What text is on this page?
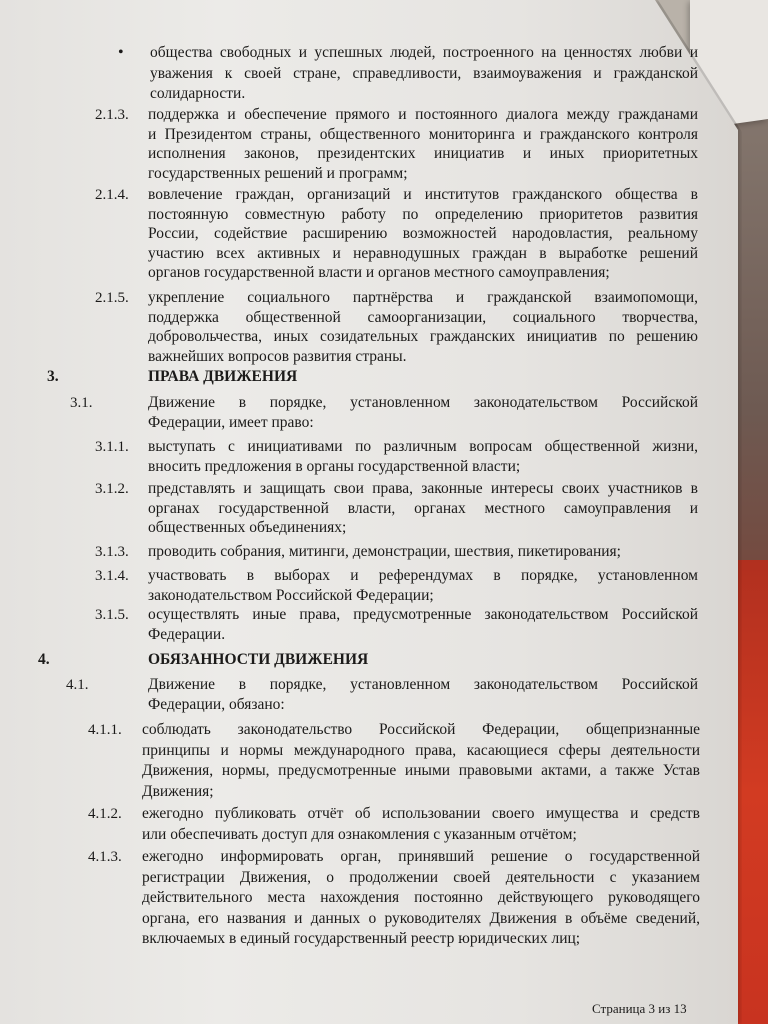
• общества свободных и успешных людей, построенного на ценностях любви и
уважения к своей стране, справедливости, взаимоуважения и гражданской
солидарности.
2.1.3. поддержка и обеспечение прямого и постоянного диалога между гражданами
и Президентом страны, общественного мониторинга и гражданского контроля
исполнения законов, президентских инициатив и иных приоритетных
государственных решений и программ;
2.1.4. вовлечение граждан, организаций и институтов гражданского общества в
постоянную совместную работу по определению приоритетов развития
России, содействие расширению возможностей народовластия, реальному
участию всех активных и неравнодушных граждан в выработке решений
органов государственной власти и органов местного самоуправления;
2.1.5. укрепление социального партнёрства и гражданской взаимопомощи,
поддержка общественной самоорганизации, социального творчества,
добровольчества, иных созидательных гражданских инициатив по решению
важнейших вопросов развития страны.
3.	ПРАВА ДВИЖЕНИЯ
3.1.	Движение в порядке, установленном законодательством Российской
Федерации, имеет право:
3.1.1. выступать с инициативами по различным вопросам общественной жизни,
вносить предложения в органы государственной власти;
3.1.2. представлять и защищать свои права, законные интересы своих участников в
органах государственной власти, органах местного самоуправления и
общественных объединениях;
3.1.3. проводить собрания, митинги, демонстрации, шествия, пикетирования;
3.1.4. участвовать в выборах и референдумах в порядке, установленном
законодательством Российской Федерации;
3.1.5. осуществлять иные права, предусмотренные законодательством Российской
Федерации.
4.	ОБЯЗАННОСТИ ДВИЖЕНИЯ
4.1.	Движение в порядке, установленном законодательством Российской
Федерации, обязано:
4.1.1. соблюдать законодательство Российской Федерации, общепризнанные
принципы и нормы международного права, касающиеся сферы деятельности
Движения, нормы, предусмотренные иными правовыми актами, а также Устав
Движения;
4.1.2. ежегодно публиковать отчёт об использовании своего имущества и средств
или обеспечивать доступ для ознакомления с указанным отчётом;
4.1.3. ежегодно информировать орган, принявший решение о государственной
регистрации Движения, о продолжении своей деятельности с указанием
действительного места нахождения постоянно действующего руководящего
органа, его названия и данных о руководителях Движения в объёме сведений,
включаемых в единый государственный реестр юридических лиц;
Страница 3 из 13
